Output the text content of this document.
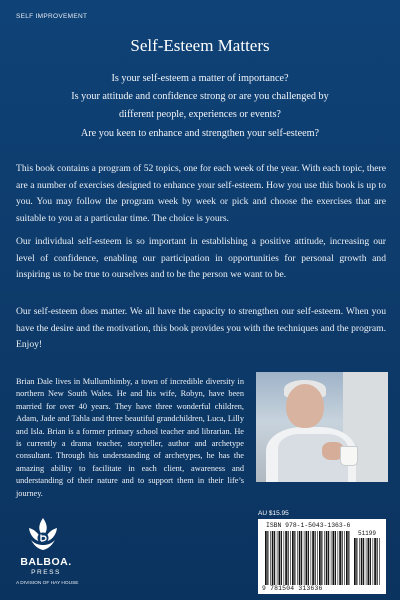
SELF IMPROVEMENT
Self-Esteem Matters
Is your self-esteem a matter of importance?
Is your attitude and confidence strong or are you challenged by
different people, experiences or events?
Are you keen to enhance and strengthen your self-esteem?
This book contains a program of 52 topics, one for each week of the year. With each topic, there are a number of exercises designed to enhance your self-esteem. How you use this book is up to you. You may follow the program week by week or pick and choose the exercises that are suitable to you at a particular time. The choice is yours.
Our individual self-esteem is so important in establishing a positive attitude, increasing our level of confidence, enabling our participation in opportunities for personal growth and inspiring us to be true to ourselves and to be the person we want to be.
Our self-esteem does matter. We all have the capacity to strengthen our self-esteem. When you have the desire and the motivation, this book provides you with the techniques and the program. Enjoy!
Brian Dale lives in Mullumbimby, a town of incredible diversity in northern New South Wales. He and his wife, Robyn, have been married for over 40 years. They have three wonderful children, Adam, Jade and Tahla and three beautiful grandchildren, Luca, Lilly and Isla. Brian is a former primary school teacher and librarian. He is currently a drama teacher, storyteller, author and archetype consultant. Through his understanding of archetypes, he has the amazing ability to facilitate in each client, awareness and understanding of their nature and to support them in their life’s journey.
AU $15.95
ISBN 978-1-5043-1363-6
51199
9 781504 313636
BALBOA.
PRESS
A DIVISION OF HAY HOUSE
